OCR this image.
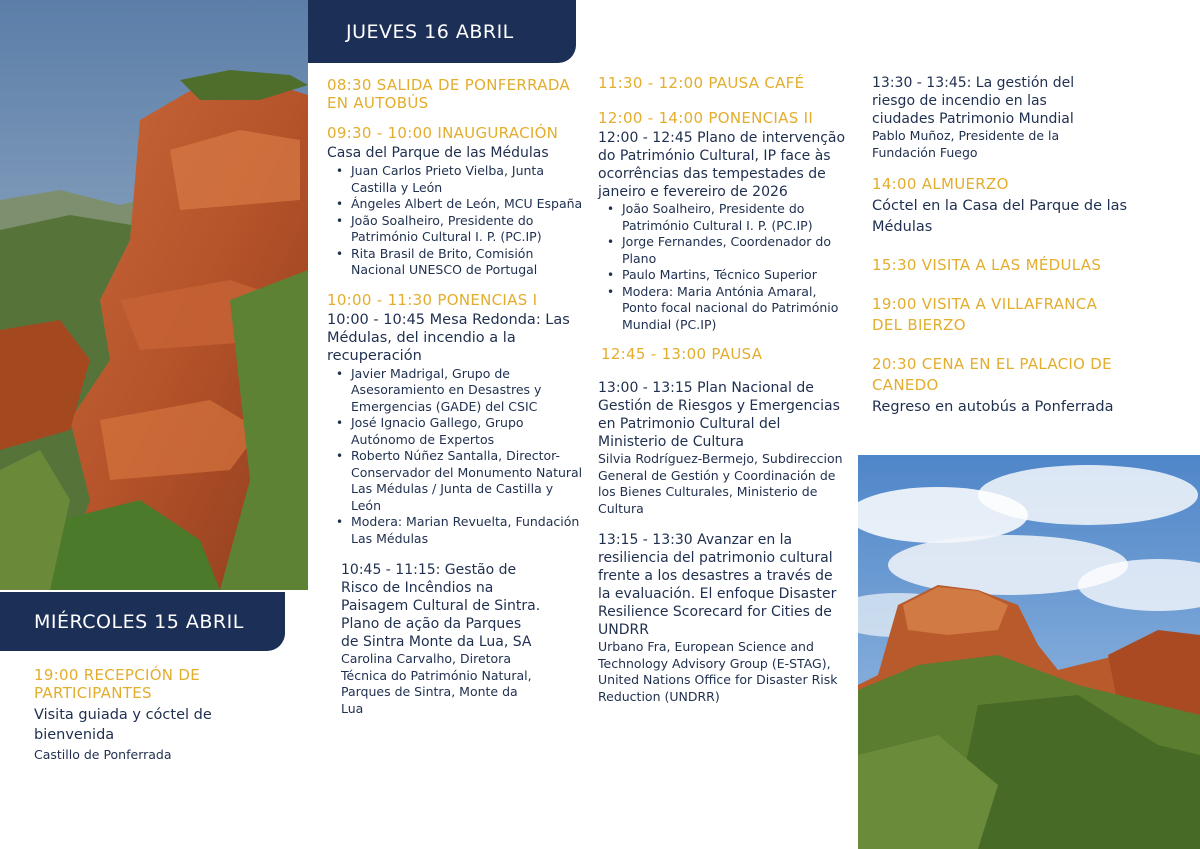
JUEVES 16 ABRIL
MIÉRCOLES 15 ABRIL
19:00 RECEPCIÓN DE PARTICIPANTES
Visita guiada y cóctel de bienvenida
Castillo de Ponferrada
08:30 SALIDA DE PONFERRADA EN AUTOBÚS
09:30 - 10:00 INAUGURACIÓN
Casa del Parque de las Médulas
• Juan Carlos Prieto Vielba, Junta Castilla y León
• Ángeles Albert de León, MCU España
• João Soalheiro, Presidente do Património Cultural I. P. (PC.IP)
• Rita Brasil de Brito, Comisión Nacional UNESCO de Portugal
10:00 - 11:30 PONENCIAS I
10:00 - 10:45 Mesa Redonda: Las Médulas, del incendio a la recuperación
• Javier Madrigal, Grupo de Asesoramiento en Desastres y Emergencias (GADE) del CSIC
• José Ignacio Gallego, Grupo Autónomo de Expertos
• Roberto Núñez Santalla, Director-Conservador del Monumento Natural Las Médulas / Junta de Castilla y León
• Modera: Marian Revuelta, Fundación Las Médulas
10:45 - 11:15: Gestão de Risco de Incêndios na Paisagem Cultural de Sintra. Plano de ação da Parques de Sintra Monte da Lua, SA
Carolina Carvalho, Diretora Técnica do Património Natural, Parques de Sintra, Monte da Lua
11:30 - 12:00 PAUSA CAFÉ
12:00 - 14:00 PONENCIAS II
12:00 - 12:45 Plano de intervenção do Património Cultural, IP face às ocorrências das tempestades de janeiro e fevereiro de 2026
• João Soalheiro, Presidente do Património Cultural I. P. (PC.IP)
• Jorge Fernandes, Coordenador do Plano
• Paulo Martins, Técnico Superior
• Modera: Maria Antónia Amaral, Ponto focal nacional do Património Mundial (PC.IP)
12:45 - 13:00 PAUSA
13:00 - 13:15 Plan Nacional de Gestión de Riesgos y Emergencias en Patrimonio Cultural del Ministerio de Cultura
Silvia Rodríguez-Bermejo, Subdireccion General de Gestión y Coordinación de los Bienes Culturales, Ministerio de Cultura
13:15 - 13:30 Avanzar en la resiliencia del patrimonio cultural frente a los desastres a través de la evaluación. El enfoque Disaster Resilience Scorecard for Cities de UNDRR
Urbano Fra, European Science and Technology Advisory Group (E-STAG), United Nations Office for Disaster Risk Reduction (UNDRR)
13:30 - 13:45: La gestión del riesgo de incendio en las ciudades Patrimonio Mundial
Pablo Muñoz, Presidente de la Fundación Fuego
14:00 ALMUERZO
Cóctel en la Casa del Parque de las Médulas
15:30 VISITA A LAS MÉDULAS
19:00 VISITA A VILLAFRANCA DEL BIERZO
20:30 CENA EN EL PALACIO DE CANEDO
Regreso en autobús a Ponferrada
